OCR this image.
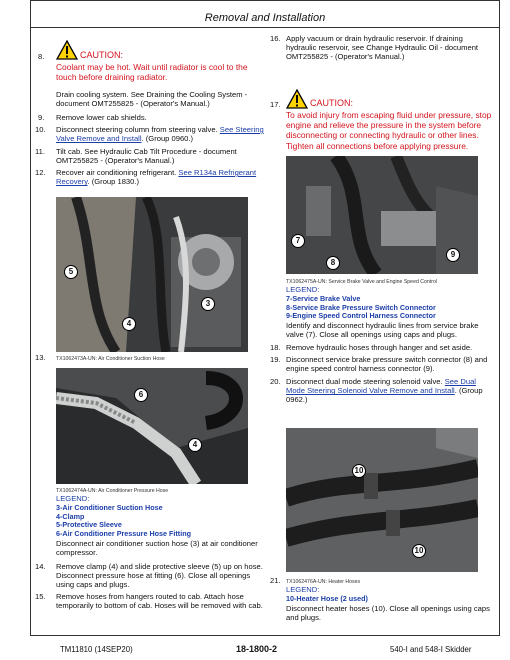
Removal and Installation
8.	CAUTION:
Coolant may be hot. Wait until radiator is cool to the touch before draining radiator.
Drain cooling system. See Draining the Cooling System - document OMT255825 - (Operator's Manual.)
9. Remove lower cab shields.
10. Disconnect steering column from steering valve. See Steering Valve Remove and Install. (Group 0960.)
11. Tilt cab. See Hydraulic Cab Tilt Procedure - document OMT255825 - (Operator's Manual.)
12. Recover air conditioning refrigerant. See R134a Refrigerant Recovery. (Group 1830.)
5
4
3
13. TX1062473A-UN: Air Conditioner Suction Hose
6
4
TX1062474A-UN: Air Conditioner Pressure Hose
LEGEND:
3-Air Conditioner Suction Hose
4-Clamp
5-Protective Sleeve
6-Air Conditioner Pressure Hose Fitting
Disconnect air conditioner suction hose (3) at air conditioner compressor.
14. Remove clamp (4) and slide protective sleeve (5) up on hose. Disconnect pressure hose at fitting (6). Close all openings using caps and plugs.
15. Remove hoses from hangers routed to cab. Attach hose temporarily to bottom of cab. Hoses will be removed with cab.
16. Apply vacuum or drain hydraulic reservoir. If draining hydraulic reservoir, see Change Hydraulic Oil - document OMT255825 - (Operator's Manual.)
17.	CAUTION:
To avoid injury from escaping fluid under pressure, stop engine and relieve the pressure in the system before disconnecting or connecting hydraulic or other lines. Tighten all connections before applying pressure.
7
8
9
TX1062475A-UN: Service Brake Valve and Engine Speed Control
LEGEND:
7-Service Brake Valve
8-Service Brake Pressure Switch Connector
9-Engine Speed Control Harness Connector
Identify and disconnect hydraulic lines from service brake valve (7). Close all openings using caps and plugs.
18. Remove hydraulic hoses through hanger and set aside.
19. Disconnect service brake pressure switch connector (8) and engine speed control harness connector (9).
20. Disconnect dual mode steering solenoid valve. See Dual Mode Steering Solenoid Valve Remove and Install. (Group 0962.)
10
10
21. TX1062476A-UN: Heater Hoses
LEGEND:
10-Heater Hose (2 used)
Disconnect heater hoses (10). Close all openings using caps and plugs.
TM11810 (14SEP20)	18-1800-2	540-I and 548-I Skidder
